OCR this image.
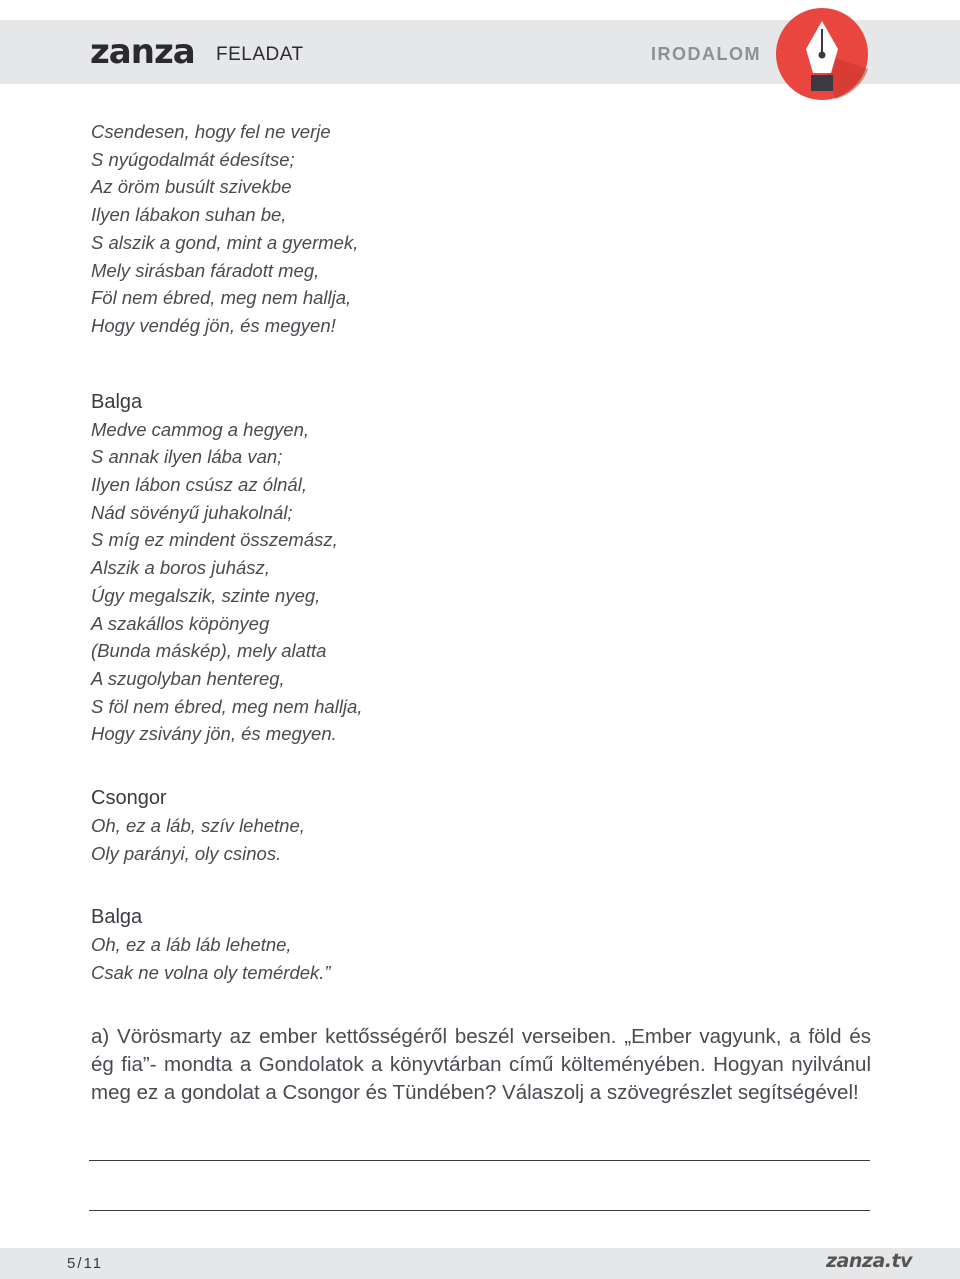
zanza FELADAT	IRODALOM
Csendesen, hogy fel ne verje
S nyúgodalmát édesítse;
Az öröm busúlt szivekbe
Ilyen lábakon suhan be,
S alszik a gond, mint a gyermek,
Mely sirásban fáradott meg,
Föl nem ébred, meg nem hallja,
Hogy vendég jön, és megyen!
Balga
Medve cammog a hegyen,
S annak ilyen lába van;
Ilyen lábon csúsz az ólnál,
Nád sövényű juhakolnál;
S míg ez mindent összemász,
Alszik a boros juhász,
Úgy megalszik, szinte nyeg,
A szakállos köpönyeg
(Bunda máskép), mely alatta
A szugolyban hentereg,
S föl nem ébred, meg nem hallja,
Hogy zsivány jön, és megyen.
Csongor
Oh, ez a láb, szív lehetne,
Oly parányi, oly csinos.
Balga
Oh, ez a láb láb lehetne,
Csak ne volna oly temérdek.”
a) Vörösmarty az ember kettősségéről beszél verseiben. „Ember vagyunk, a föld és ég fia”- mondta a Gondolatok a könyvtárban című költeményében. Hogyan nyilvánul meg ez a gondolat a Csongor és Tündében? Válaszolj a szövegrészlet segítségével!
5/11	zanza.tv
